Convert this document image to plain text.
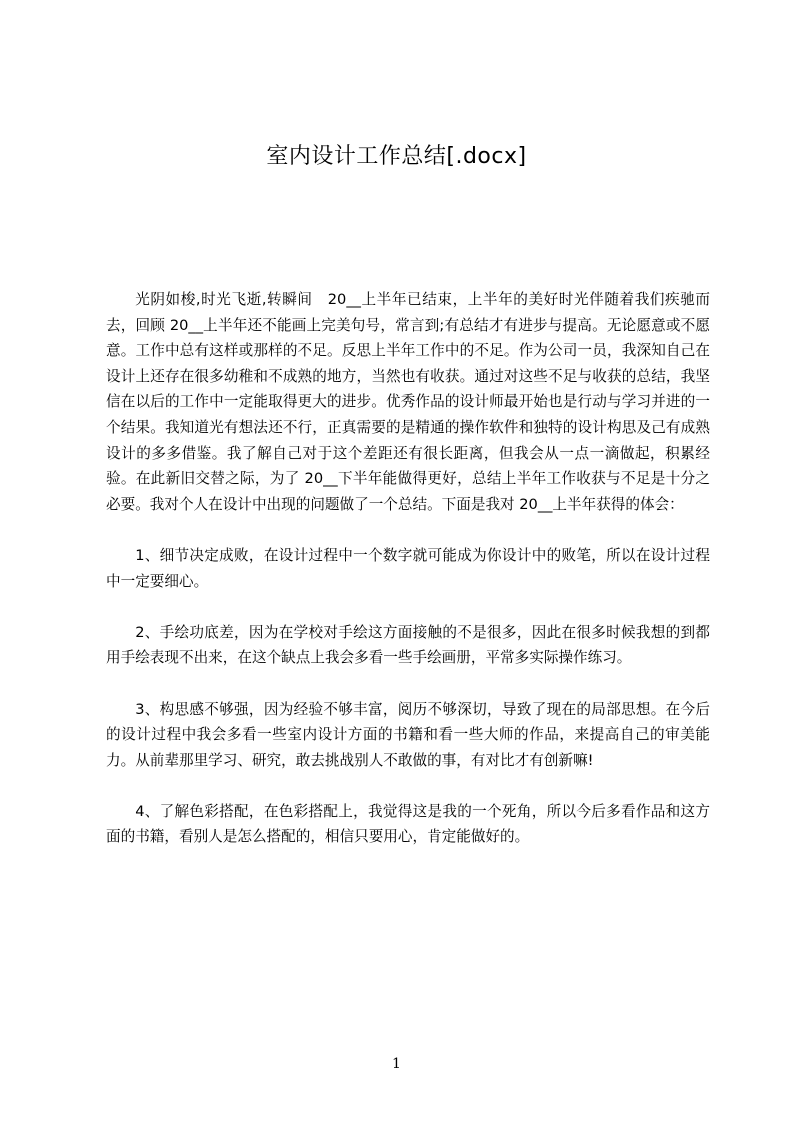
室内设计工作总结[.docx]

光阴如梭,时光飞逝,转瞬间　20__上半年已结束，上半年的美好时光伴随着我们疾驰而去，回顾 20__上半年还不能画上完美句号，常言到;有总结才有进步与提高。无论愿意或不愿意。工作中总有这样或那样的不足。反思上半年工作中的不足。作为公司一员，我深知自己在设计上还存在很多幼稚和不成熟的地方，当然也有收获。通过对这些不足与收获的总结，我坚信在以后的工作中一定能取得更大的进步。优秀作品的设计师最开始也是行动与学习并进的一个结果。我知道光有想法还不行，正真需要的是精通的操作软件和独特的设计构思及己有成熟设计的多多借鉴。我了解自己对于这个差距还有很长距离，但我会从一点一滴做起，积累经验。在此新旧交替之际，为了 20__下半年能做得更好，总结上半年工作收获与不足是十分之必要。我对个人在设计中出现的问题做了一个总结。下面是我对 20__上半年获得的体会：

1、细节决定成败，在设计过程中一个数字就可能成为你设计中的败笔，所以在设计过程中一定要细心。

2、手绘功底差，因为在学校对手绘这方面接触的不是很多，因此在很多时候我想的到都用手绘表现不出来，在这个缺点上我会多看一些手绘画册，平常多实际操作练习。

3、构思感不够强，因为经验不够丰富，阅历不够深切，导致了现在的局部思想。在今后的设计过程中我会多看一些室内设计方面的书籍和看一些大师的作品，来提高自己的审美能力。从前辈那里学习、研究，敢去挑战别人不敢做的事，有对比才有创新嘛!

4、了解色彩搭配，在色彩搭配上，我觉得这是我的一个死角，所以今后多看作品和这方面的书籍，看别人是怎么搭配的，相信只要用心，肯定能做好的。

1
